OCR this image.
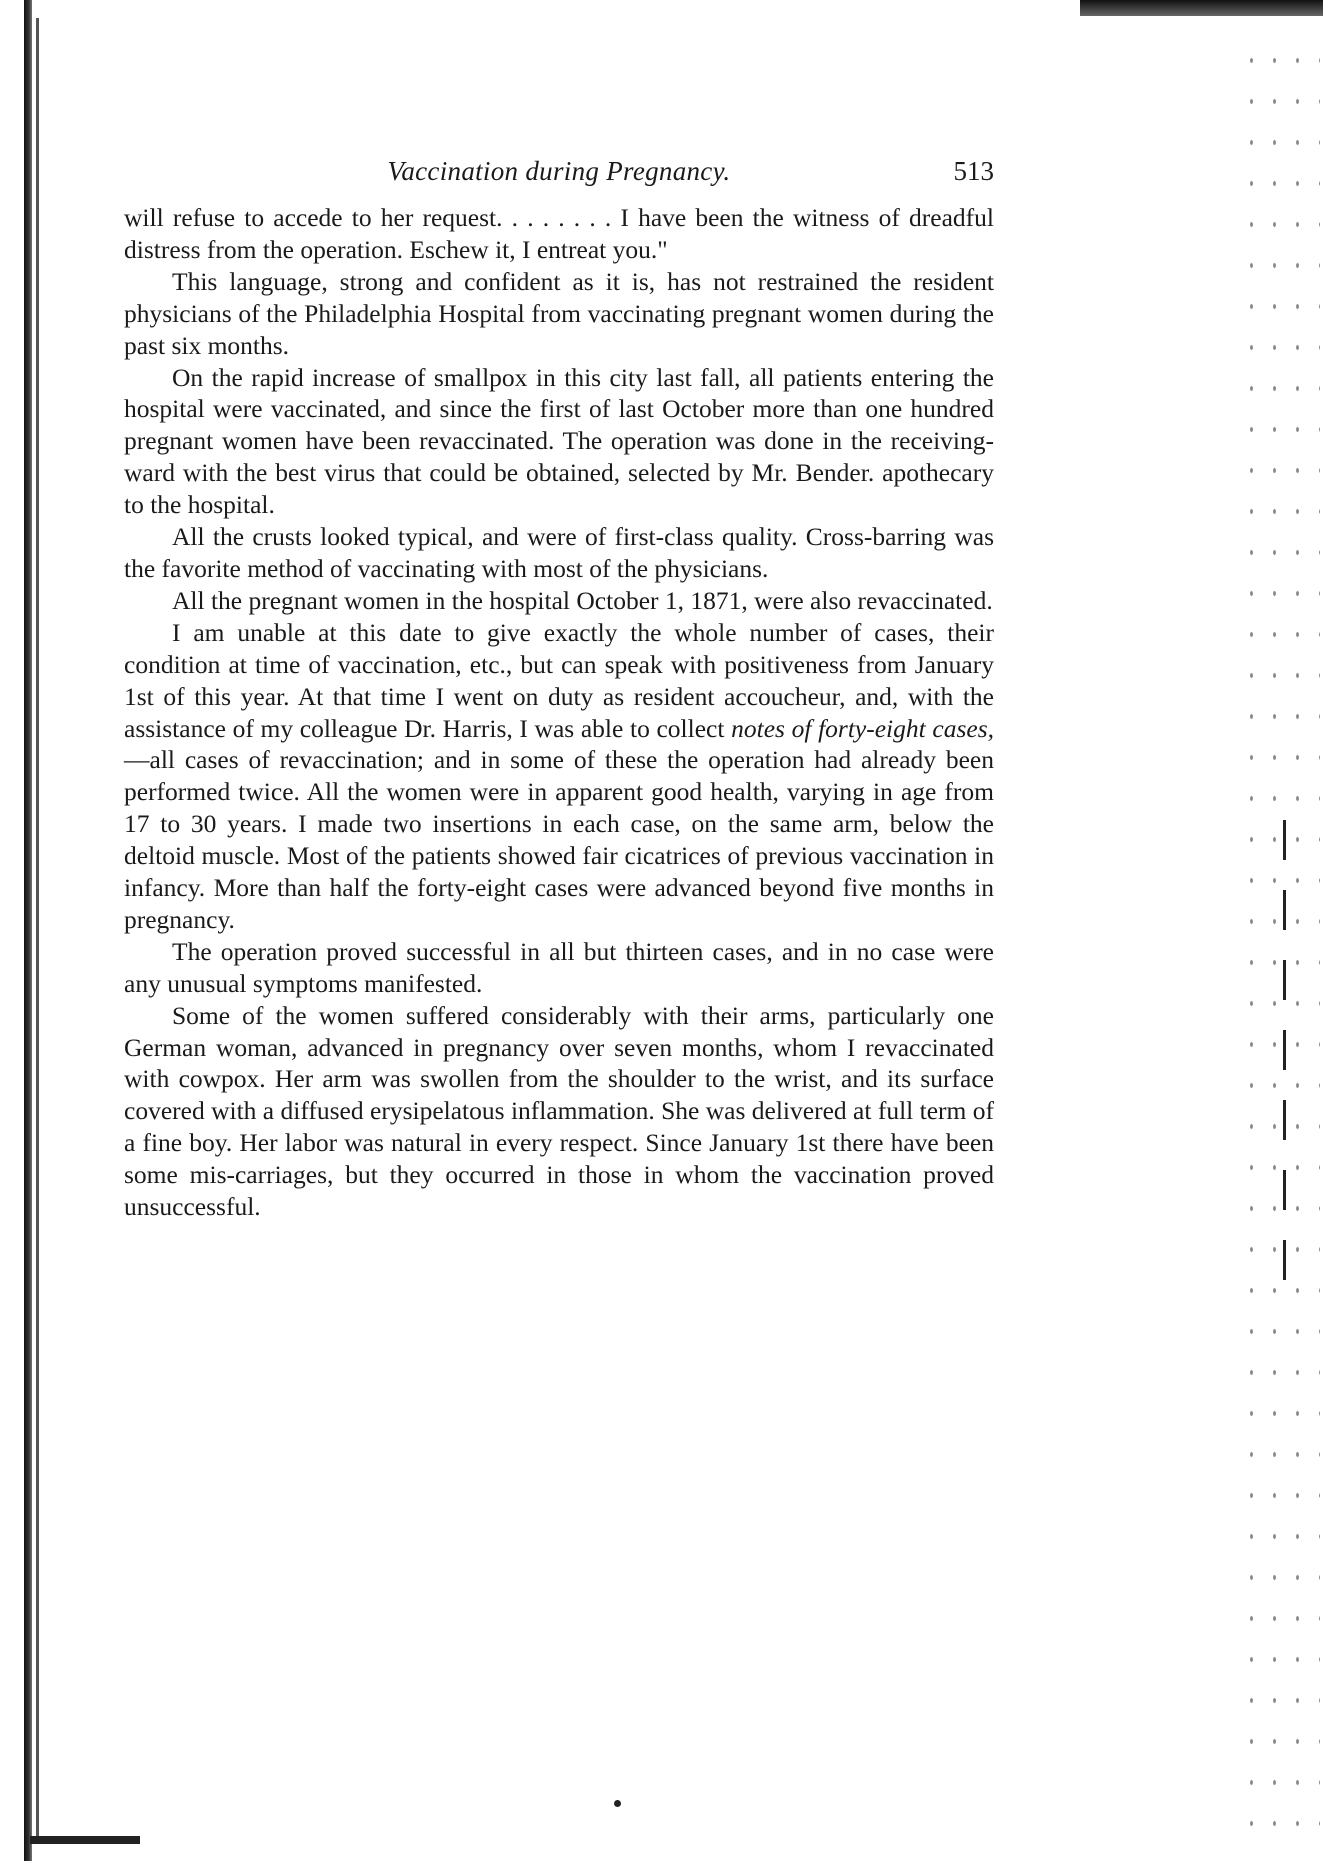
Vaccination during Pregnancy.	513

will refuse to accede to her request. . . . . . . . I have been the witness of dreadful distress from the operation. Eschew it, I entreat you."

This language, strong and confident as it is, has not restrained the resident physicians of the Philadelphia Hospital from vaccinating pregnant women during the past six months.

On the rapid increase of smallpox in this city last fall, all patients entering the hospital were vaccinated, and since the first of last October more than one hundred pregnant women have been revaccinated. The operation was done in the receiving-ward with the best virus that could be obtained, selected by Mr. Bender. apothecary to the hospital.

All the crusts looked typical, and were of first-class quality. Cross-barring was the favorite method of vaccinating with most of the physicians.

All the pregnant women in the hospital October 1, 1871, were also revaccinated.

I am unable at this date to give exactly the whole number of cases, their condition at time of vaccination, etc., but can speak with positiveness from January 1st of this year. At that time I went on duty as resident accoucheur, and, with the assistance of my colleague Dr. Harris, I was able to collect notes of forty-eight cases,—all cases of revaccination; and in some of these the operation had already been performed twice. All the women were in apparent good health, varying in age from 17 to 30 years. I made two insertions in each case, on the same arm, below the deltoid muscle. Most of the patients showed fair cicatrices of previous vaccination in infancy. More than half the forty-eight cases were advanced beyond five months in pregnancy.

The operation proved successful in all but thirteen cases, and in no case were any unusual symptoms manifested.

Some of the women suffered considerably with their arms, particularly one German woman, advanced in pregnancy over seven months, whom I revaccinated with cowpox. Her arm was swollen from the shoulder to the wrist, and its surface covered with a diffused erysipelatous inflammation. She was delivered at full term of a fine boy. Her labor was natural in every respect. Since January 1st there have been some mis-carriages, but they occurred in those in whom the vaccination proved unsuccessful.
